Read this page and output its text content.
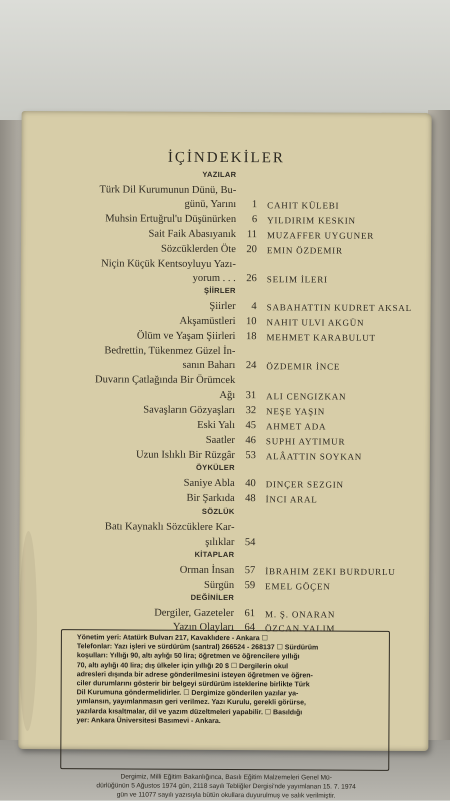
İÇİNDEKİLER
YAZILAR
Türk Dil Kurumunun Dünü, Bu-
günü, Yarını	1 CAHIT KÜLEBI
Muhsin Ertuğrul'u Düşünürken	6 YILDIRIM KESKIN
Sait Faik Abasıyanık	11 MUZAFFER UYGUNER
Sözcüklerden Öte 20 EMIN ÖZDEMIR
Niçin Küçük Kentsoyluyu Yazı-
yorum . . . 26 SELIM İLERI
ŞİİRLER
Şiirler	4 SABAHATTIN KUDRET AKSAL
Akşamüstleri 10 NAHIT ULVI AKGÜN
Ölüm ve Yaşam Şiirleri 18 MEHMET KARABULUT
Bedrettin, Tükenmez Güzel İn-
sanın Baharı 24 ÖZDEMIR İNCE
Duvarın Çatlağında Bir Örümcek
Ağı 31 ALI CENGIZKAN
Savaşların Gözyaşları 32 NEŞE YAŞIN
Eski Yalı 45 AHMET ADA
Saatler 46 SUPHI AYTIMUR
Uzun Islıklı Bir Rüzgâr 53 ALÂATTIN SOYKAN
ÖYKÜLER
Saniye Abla 40 DINÇER SEZGIN
Bir Şarkıda 48 İNCI ARAL
SÖZLÜK
Batı Kaynaklı Sözcüklere Kar-
şılıklar 54
KİTAPLAR
Orman İnsan 57 İBRAHIM ZEKI BURDURLU
Sürgün 59 EMEL GÖÇEN
DEĞİNİLER
Dergiler, Gazeteler 61 M. Ş. ONARAN
Yazın Olayları 64 ÖZCAN YALIM
Yönetim yeri: Atatürk Bulvarı 217, Kavaklıdere - Ankara ☐
Telefonlar: Yazı işleri ve sürdürüm (santral) 266524 - 268137 ☐ Sürdürüm
koşulları: Yıllığı 90, altı aylığı 50 lira; öğretmen ve öğrencilere yıllığı
70, altı aylığı 40 lira; dış ülkeler için yıllığı 20 $ ☐ Dergilerin okul
adresleri dışında bir adrese gönderilmesini isteyen öğretmen ve öğren-
ciler durumlarını gösterir bir belgeyi sürdürüm isteklerine birlikte Türk
Dil Kurumuna göndermelidirler. ☐ Dergimize gönderilen yazılar ya-
yımlansın, yayımlanmasın geri verilmez. Yazı Kurulu, gerekli görürse,
yazılarda kısaltmalar, dil ve yazım düzeltmeleri yapabilir. ☐ Basıldığı
yer: Ankara Üniversitesi Basımevi - Ankara.
Dergimiz, Milli Eğitim Bakanlığınca, Basılı Eğitim Malzemeleri Genel Mü-
dürlüğünün 5 Ağustos 1974 gün, 2118 sayılı Tebliğler Dergisi'nde yayımlanan 15. 7. 1974
gün ve 11077 sayılı yazısıyla bütün okullara duyurulmuş ve salık verilmiştir.
